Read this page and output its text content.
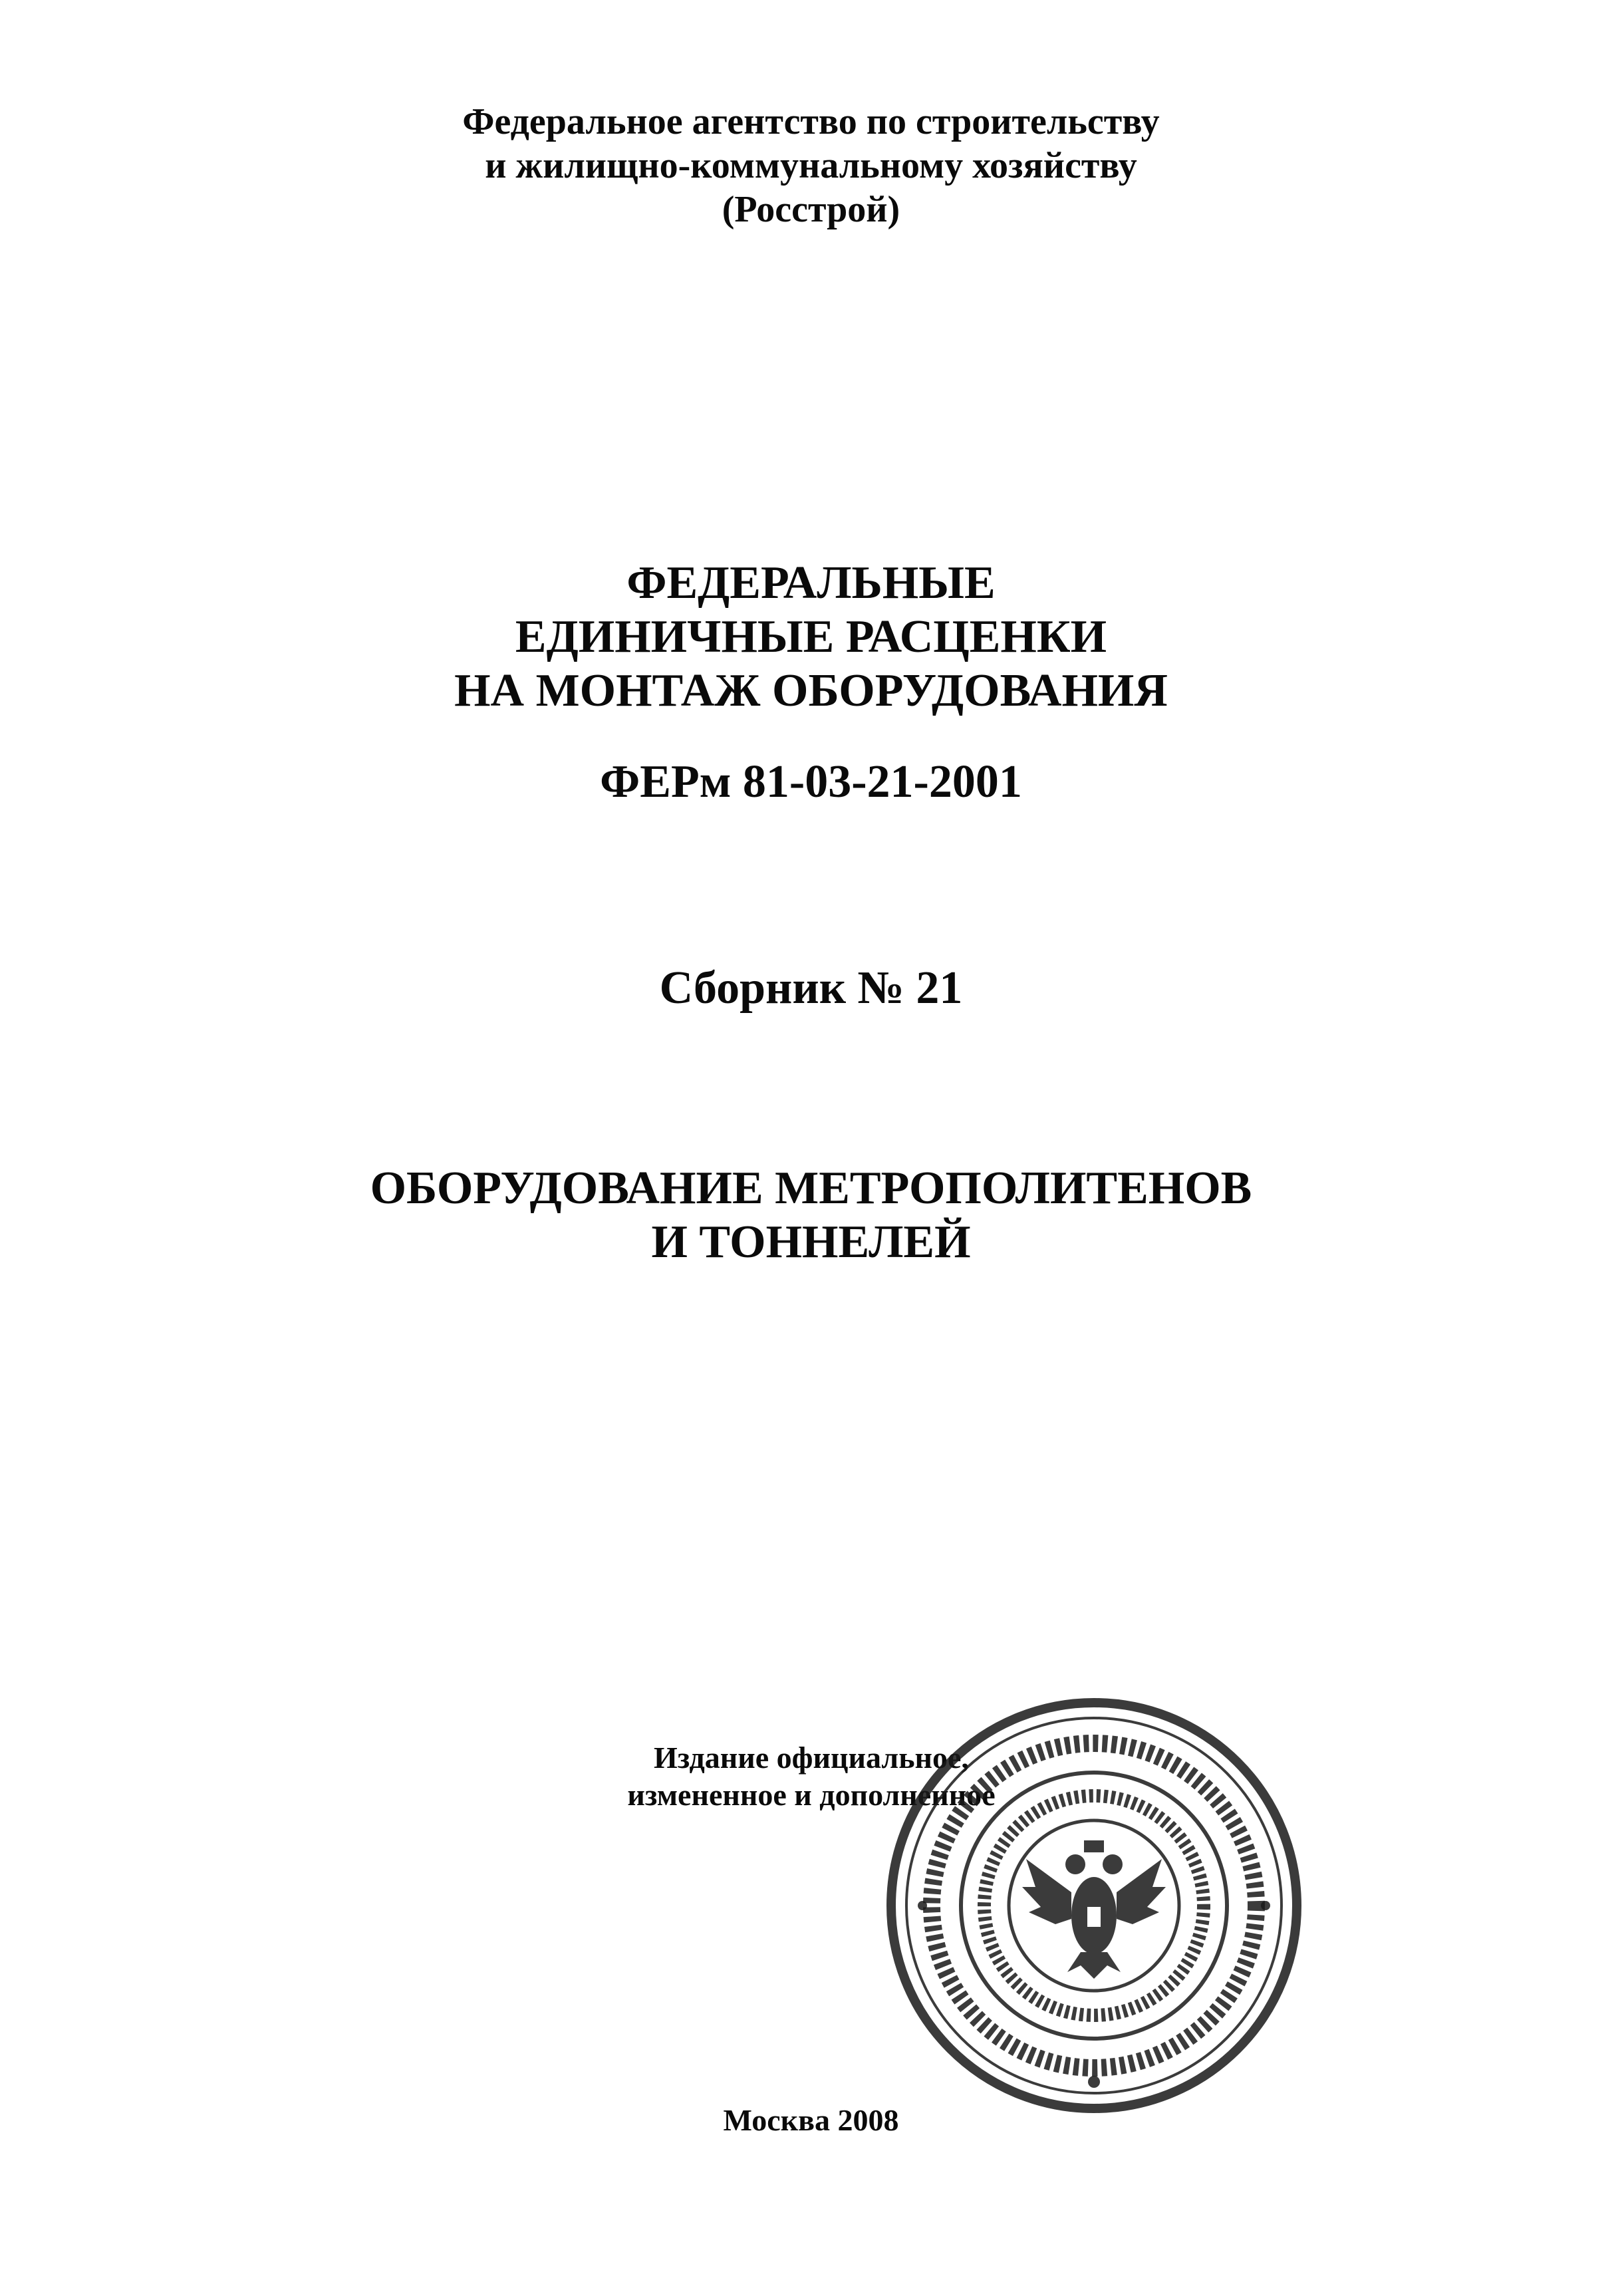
Федеральное агентство по строительству
и жилищно-коммунальному хозяйству
(Росстрой)
ФЕДЕРАЛЬНЫЕ
ЕДИНИЧНЫЕ РАСЦЕНКИ
НА МОНТАЖ ОБОРУДОВАНИЯ
ФЕРм 81-03-21-2001
Сборник № 21
ОБОРУДОВАНИЕ МЕТРОПОЛИТЕНОВ
И ТОННЕЛЕЙ
Издание официальное,
измененное и дополненное
Москва 2008
